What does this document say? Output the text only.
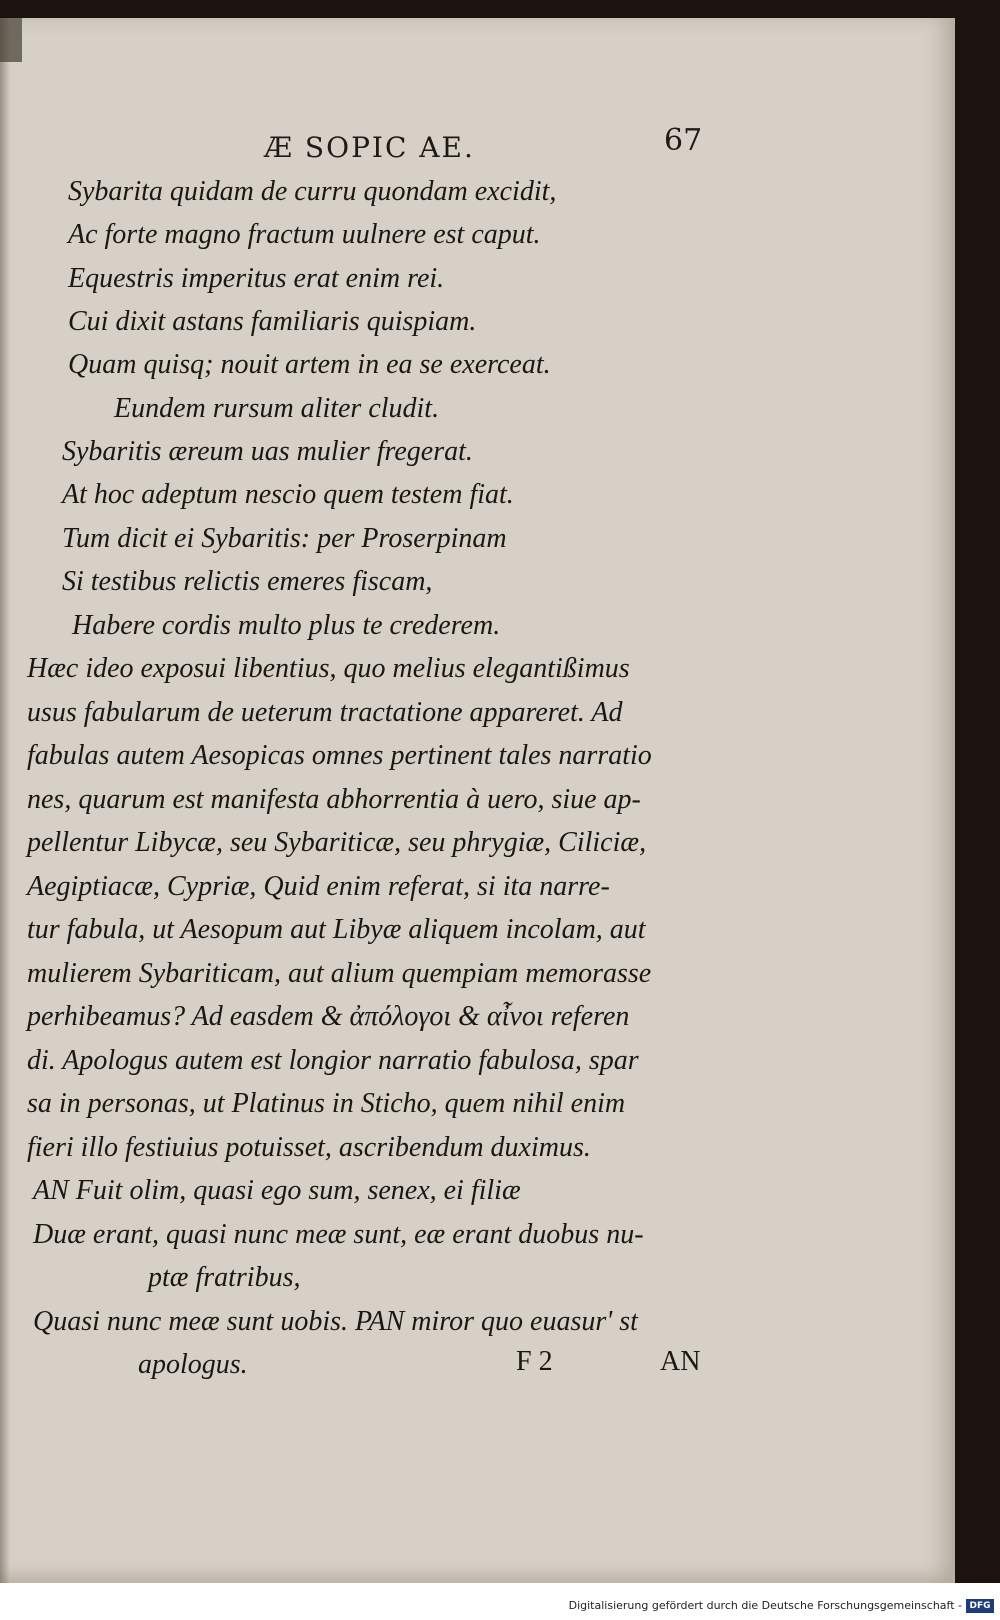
Æ SOPIC AE.	67
Sybarita quidam de curru quondam excidit,
Ac forte magno fractum uulnere est caput.
Equestris imperitus erat enim rei.
Cui dixit astans familiaris quispiam.
Quam quisq; nouit artem in ea se exerceat.
Eundem rursum aliter cludit.
Sybaritis æreum uas mulier fregerat.
At hoc adeptum nescio quem testem fiat.
Tum dicit ei Sybaritis: per Proserpinam
Si testibus relictis emeres fiscam,
Habere cordis multo plus te crederem.
Hæc ideo exposui libentius, quo melius elegantißimus
usus fabularum de ueterum tractatione appareret. Ad
fabulas autem Aesopicas omnes pertinent tales narratio
nes, quarum est manifesta abhorrentia à uero, siue ap-
pellentur Libycæ, seu Sybariticæ, seu phrygiæ, Ciliciæ,
Aegiptiacæ, Cypriæ, Quid enim referat, si ita narre-
tur fabula, ut Aesopum aut Libyæ aliquem incolam, aut
mulierem Sybariticam, aut alium quempiam memorasse
perhibeamus? Ad easdem & ἀπόλογοι & αἶνοι referen
di. Apologus autem est longior narratio fabulosa, spar
sa in personas, ut Platinus in Sticho, quem nihil enim
fieri illo festiuius potuisset, ascribendum duximus.
AN Fuit olim, quasi ego sum, senex, ei filiæ
Duæ erant, quasi nunc meæ sunt, eæ erant duobus nu-
ptæ fratribus,
Quasi nunc meæ sunt uobis. PAN miror quo euasur' st
apologus.	F 2	AN
Digitalisierung gefördert durch die Deutsche Forschungsgemeinschaft - DFG
